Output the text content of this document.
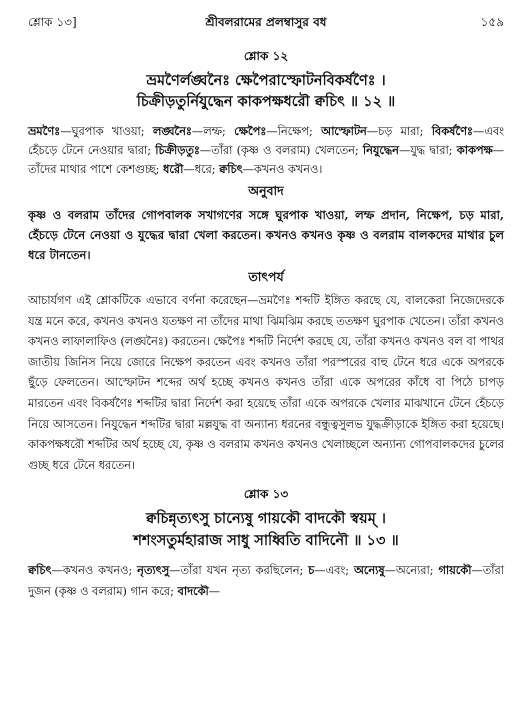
শ্লোক ১৩]	শ্রীবলরামের প্রলম্বাসুর বধ	১৫৯
শ্লোক ১২
ভ্রমণৈর্লঙ্ঘনৈঃ ক্ষেপৈরাস্ফোটনবিকর্ষণৈঃ ।
চিক্রীড়তুর্নিযুদ্ধেন কাকপক্ষধরৌ ক্বচিৎ ॥ ১২ ॥
ভ্রমণৈঃ—ঘুরপাক খাওয়া; লঙ্ঘনৈঃ—লম্ফ; ক্ষেপৈঃ—নিক্ষেপ; আস্ফোটন—চড় মারা; বিকর্ষণৈঃ—এবং হেঁচড়ে টেনে নেওয়ার দ্বারা; চিক্রীড়তুঃ—তাঁরা (কৃষ্ণ ও বলরাম) খেলতেন; নিযুদ্ধেন—যুদ্ধ দ্বারা; কাকপক্ষ—তাঁদের মাথার পাশে কেশগুচ্ছ; ধরৌ—ধরে; ক্বচিৎ—কখনও কখনও।
অনুবাদ
কৃষ্ণ ও বলরাম তাঁদের গোপবালক সখাগণের সঙ্গে ঘুরপাক খাওয়া, লম্ফ প্রদান, নিক্ষেপ, চড় মারা, হেঁচড়ে টেনে নেওয়া ও যুদ্ধের দ্বারা খেলা করতেন। কখনও কখনও কৃষ্ণ ও বলরাম বালকদের মাথার চুল ধরে টানতেন।
তাৎপর্য
আচার্যগণ এই শ্লোকটিকে এভাবে বর্ণনা করেছেন—ভ্রমণৈঃ শব্দটি ইঙ্গিত করছে যে, বালকেরা নিজেদেরকে যন্ত্র মনে করে, কখনও কখনও যতক্ষণ না তাঁদের মাথা ঝিমঝিম করছে ততক্ষণ ঘুরপাক খেতেন। তাঁরা কখনও কখনও লাফালাফিও (লঙ্ঘনৈঃ) করতেন। ক্ষেপৈঃ শব্দটি নির্দেশ করছে যে, তাঁরা কখনও কখনও বল বা পাথর জাতীয় জিনিস নিয়ে জোরে নিক্ষেপ করতেন এবং কখনও তাঁরা পরস্পরের বাহু টেনে ধরে একে অপরকে ছুঁড়ে ফেলতেন। আস্ফোটন শব্দের অর্থ হচ্ছে কখনও কখনও তাঁরা একে অপরের কাঁধে বা পিঠে চাপড় মারতেন এবং বিকর্ষণৈঃ শব্দটির দ্বারা নির্দেশ করা হয়েছে তাঁরা একে অপরকে খেলার মাঝখানে টেনে হেঁচড়ে নিয়ে আসতেন। নিযুদ্ধেন শব্দটির দ্বারা মল্লযুদ্ধ বা অন্যান্য ধরনের বন্ধুত্বসুলভ যুদ্ধক্রীড়াকে ইঙ্গিত করা হয়েছে। কাকপক্ষধরৌ শব্দটির অর্থ হচ্ছে যে, কৃষ্ণ ও বলরাম কখনও কখনও খেলাচ্ছলে অন্যান্য গোপবালকদের চুলের গুচ্ছ ধরে টেনে ধরতেন।
শ্লোক ১৩
ক্বচিন্নৃত্যৎসু চান্যেষু গায়কৌ বাদকৌ স্বয়ম্ ।
শশংসতুর্মহারাজ সাধু সাধ্বিতি বাদিনৌ ॥ ১৩ ॥
ক্বচিৎ—কখনও কখনও; নৃত্যৎসু—তাঁরা যখন নৃত্য করছিলেন; চ—এবং; অন্যেষু—অন্যেরা; গায়কৌ—তাঁরা দুজন (কৃষ্ণ ও বলরাম) গান করে; বাদকৌ—
